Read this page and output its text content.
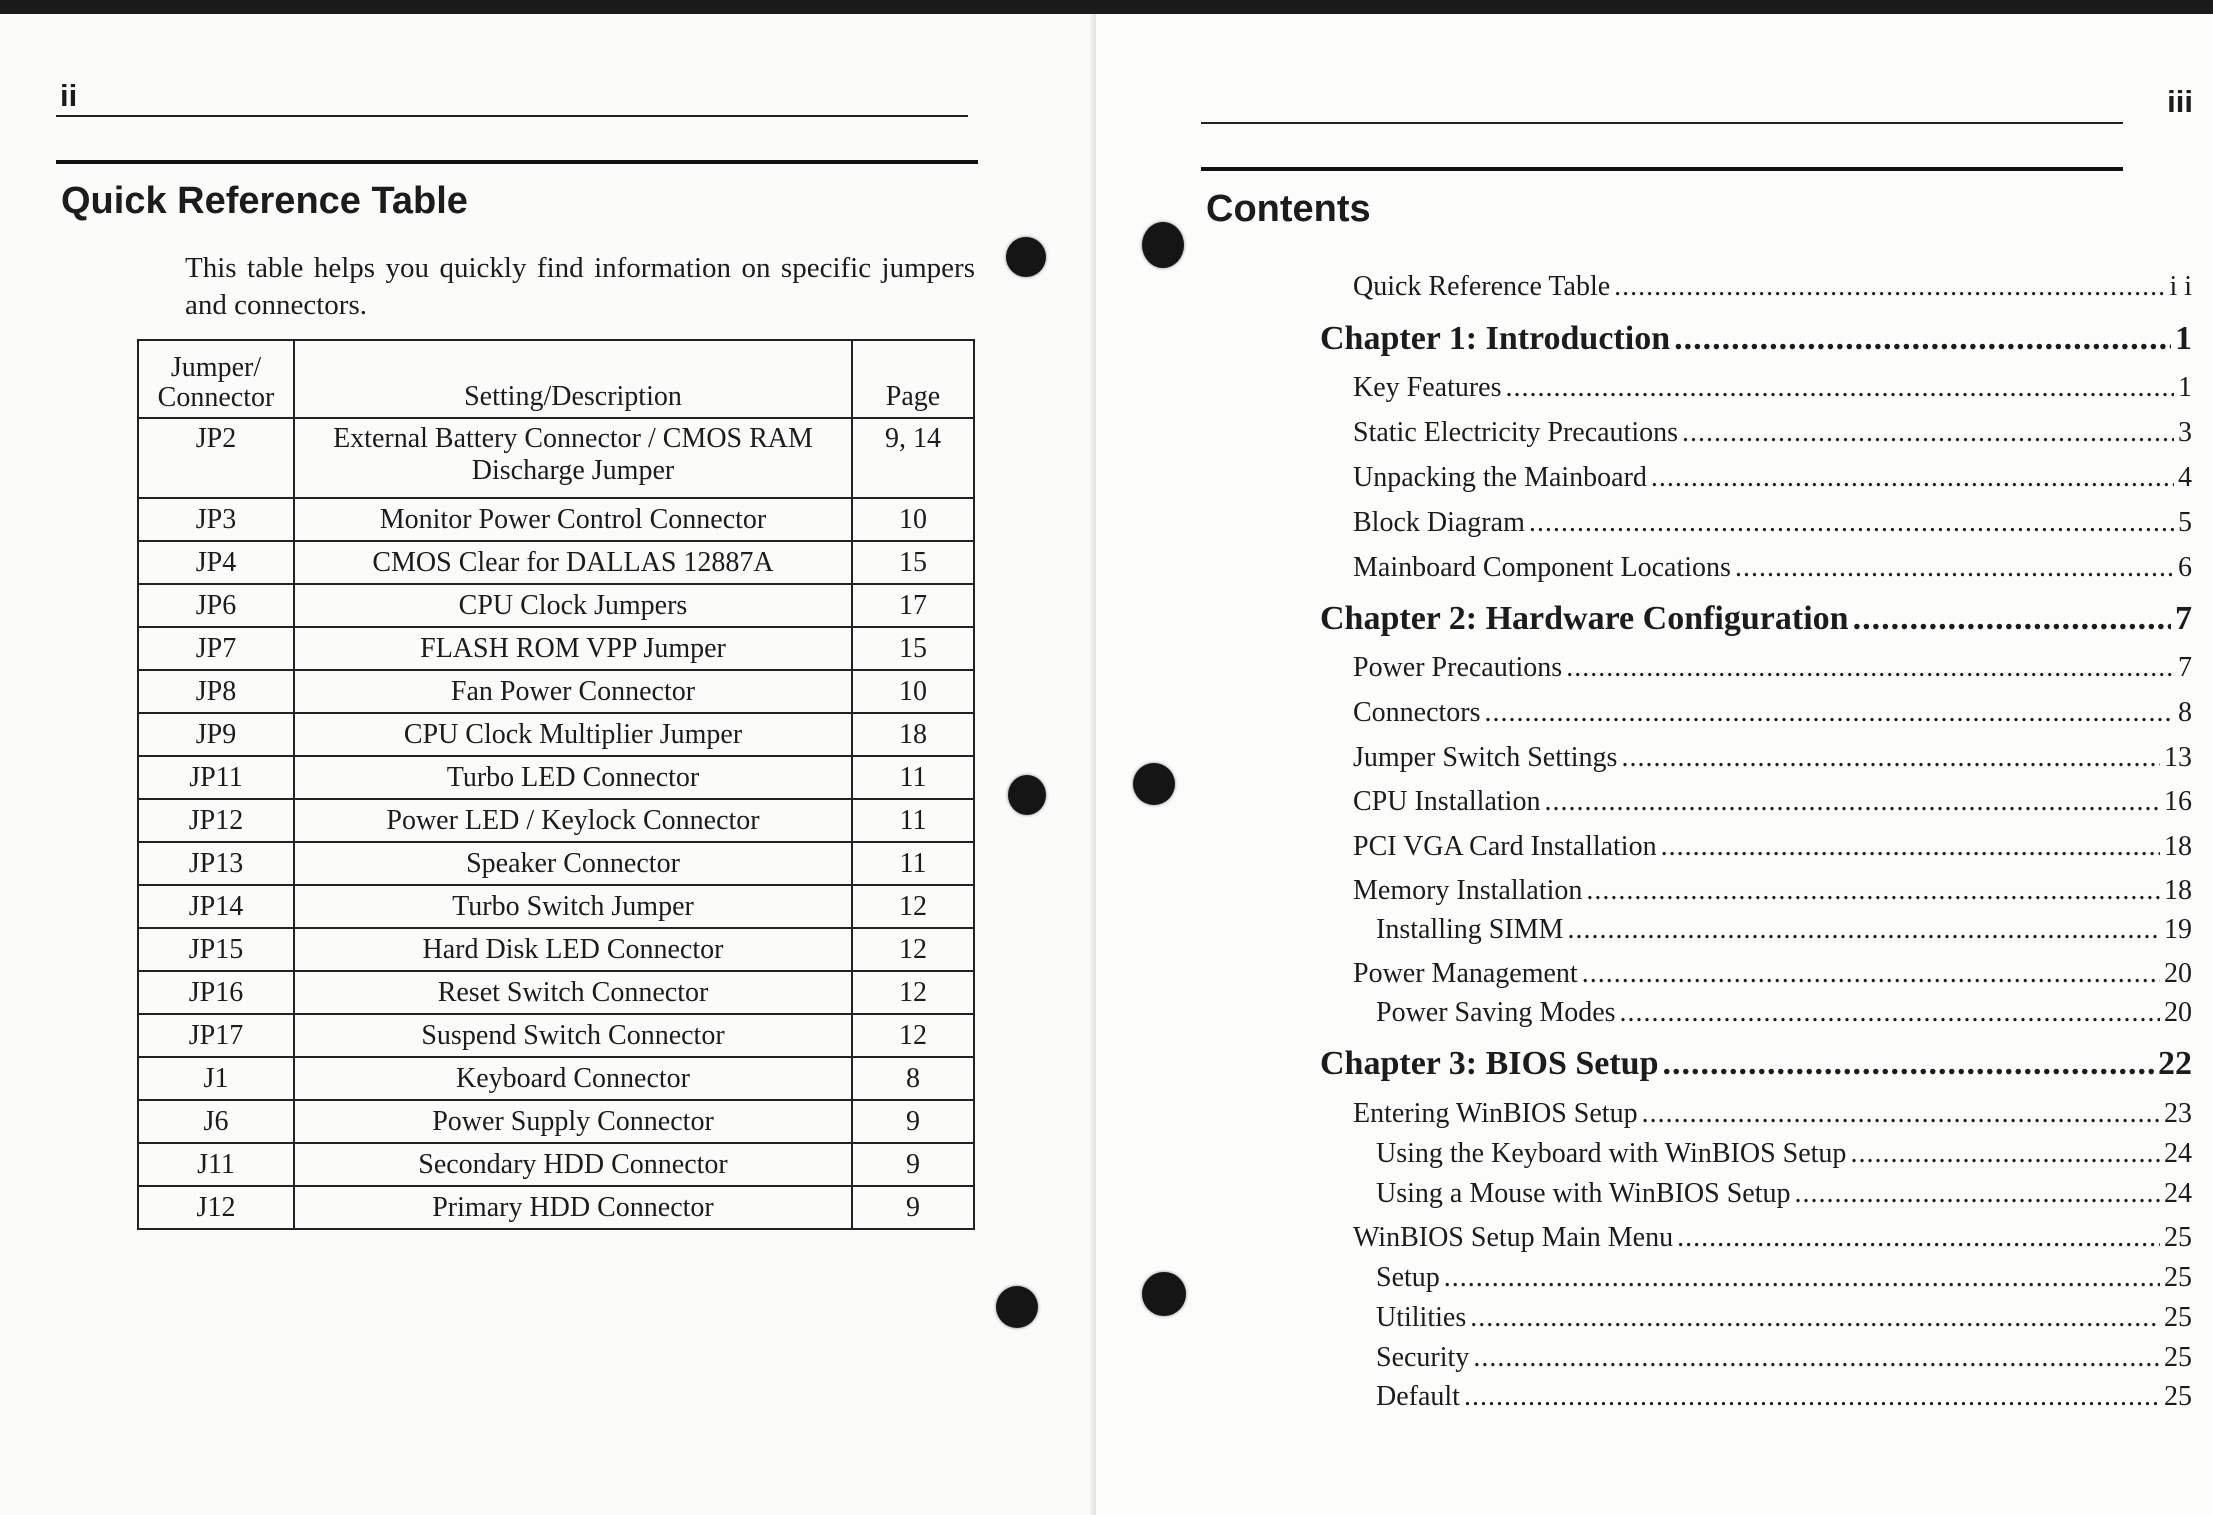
ii
Quick Reference Table
This table helps you quickly find information on specific jumpers and connectors.
Jumper/ Connector	Setting/Description	Page
JP2	External Battery Connector / CMOS RAM Discharge Jumper	9, 14
JP3	Monitor Power Control Connector	10
JP4	CMOS Clear for DALLAS 12887A	15
JP6	CPU Clock Jumpers	17
JP7	FLASH ROM VPP Jumper	15
JP8	Fan Power Connector	10
JP9	CPU Clock Multiplier Jumper	18
JP11	Turbo LED Connector	11
JP12	Power LED / Keylock Connector	11
JP13	Speaker Connector	11
JP14	Turbo Switch Jumper	12
JP15	Hard Disk LED Connector	12
JP16	Reset Switch Connector	12
JP17	Suspend Switch Connector	12
J1	Keyboard Connector	8
J6	Power Supply Connector	9
J11	Secondary HDD Connector	9
J12	Primary HDD Connector	9
iii
Contents
Quick Reference Table .....	i i
Chapter 1: Introduction .....	1
Key Features .....	1
Static Electricity Precautions .....	3
Unpacking the Mainboard .....	4
Block Diagram .....	5
Mainboard Component Locations .....	6
Chapter 2: Hardware Configuration .....	7
Power Precautions .....	7
Connectors .....	8
Jumper Switch Settings .....	13
CPU Installation .....	16
PCI VGA Card Installation .....	18
Memory Installation .....	18
Installing SIMM .....	19
Power Management .....	20
Power Saving Modes .....	20
Chapter 3: BIOS Setup .....	22
Entering WinBIOS Setup .....	23
Using the Keyboard with WinBIOS Setup .....	24
Using a Mouse with WinBIOS Setup .....	24
WinBIOS Setup Main Menu .....	25
Setup .....	25
Utilities .....	25
Security .....	25
Default .....	25
